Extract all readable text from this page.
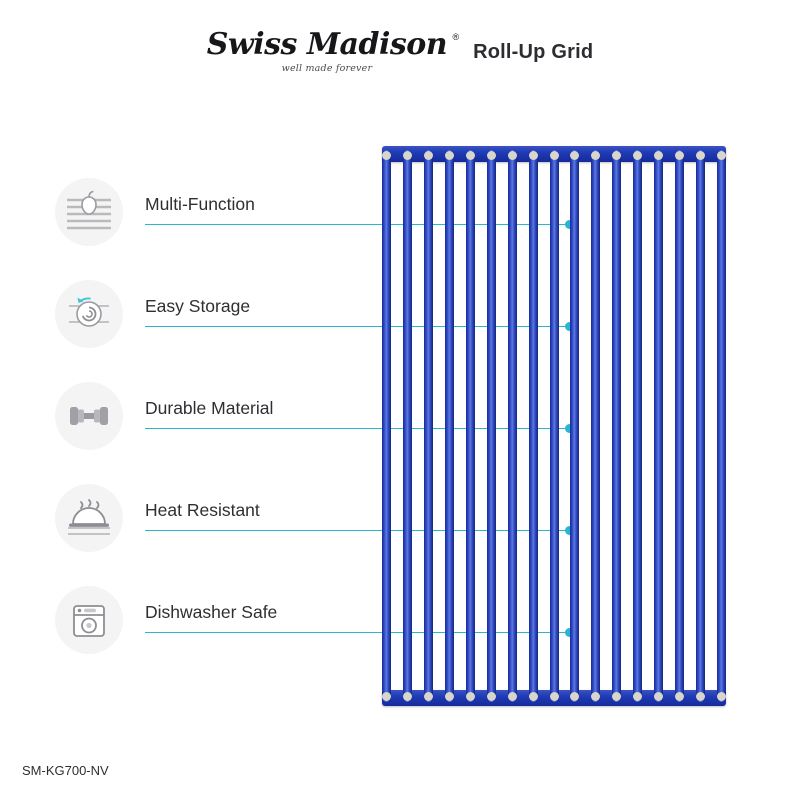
Swiss Madison ®
well made forever
Roll-Up Grid
Multi-Function
Easy Storage
Durable Material
Heat Resistant
Dishwasher Safe
SM-KG700-NV
